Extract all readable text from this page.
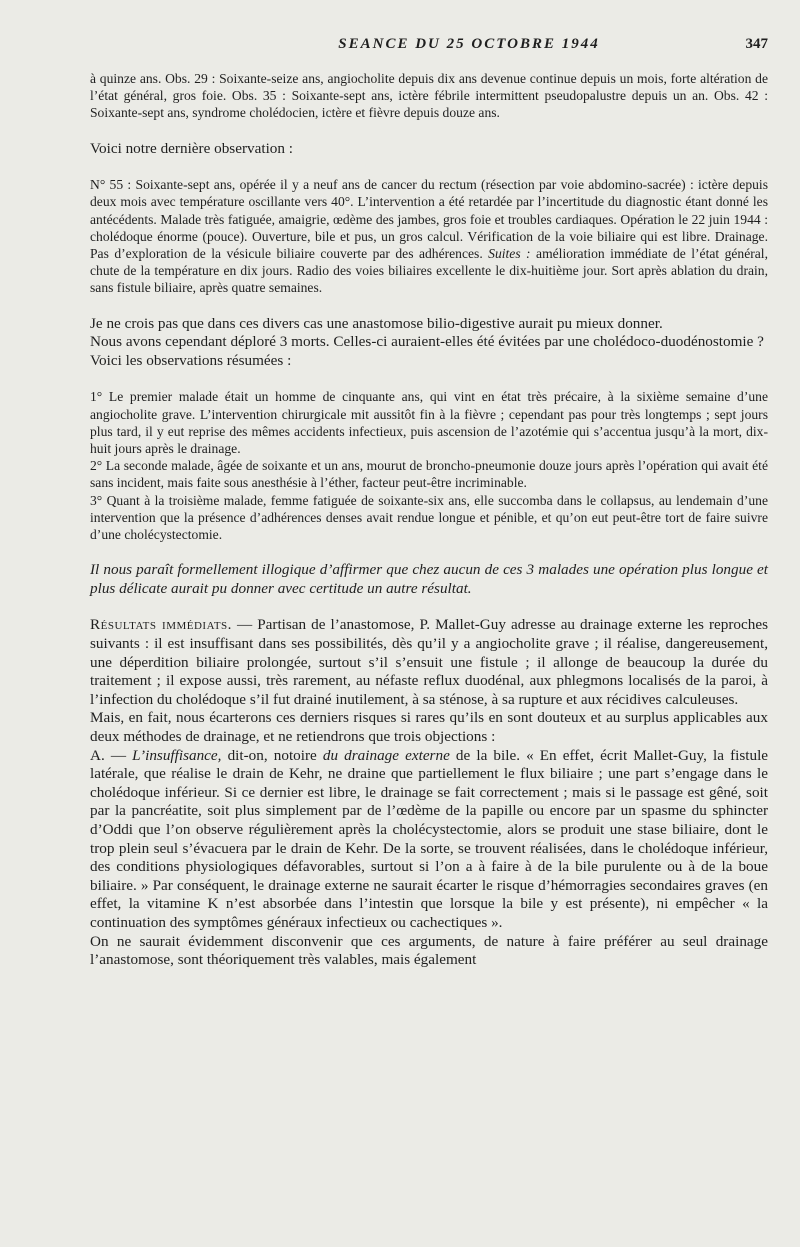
SEANCE DU 25 OCTOBRE 1944	347

à quinze ans. Obs. 29 : Soixante-seize ans, angiocholite depuis dix ans devenue continue depuis un mois, forte altération de l’état général, gros foie. Obs. 35 : Soixante-sept ans, ictère fébrile intermittent pseudopalustre depuis un an. Obs. 42 : Soixante-sept ans, syndrome cholédocien, ictère et fièvre depuis douze ans.

Voici notre dernière observation :

N° 55 : Soixante-sept ans, opérée il y a neuf ans de cancer du rectum (résection par voie abdomino-sacrée) : ictère depuis deux mois avec température oscillante vers 40°. L’intervention a été retardée par l’incertitude du diagnostic étant donné les antécédents. Malade très fatiguée, amaigrie, œdème des jambes, gros foie et troubles cardiaques. Opération le 22 juin 1944 : cholédoque énorme (pouce). Ouverture, bile et pus, un gros calcul. Vérification de la voie biliaire qui est libre. Drainage. Pas d’exploration de la vésicule biliaire couverte par des adhérences. Suites : amélioration immédiate de l’état général, chute de la température en dix jours. Radio des voies biliaires excellente le dix-huitième jour. Sort après ablation du drain, sans fistule biliaire, après quatre semaines.

Je ne crois pas que dans ces divers cas une anastomose bilio-digestive aurait pu mieux donner.

Nous avons cependant déploré 3 morts. Celles-ci auraient-elles été évitées par une cholédoco-duodénostomie ?

Voici les observations résumées :

1° Le premier malade était un homme de cinquante ans, qui vint en état très précaire, à la sixième semaine d’une angiocholite grave. L’intervention chirurgicale mit aussitôt fin à la fièvre ; cependant pas pour très longtemps ; sept jours plus tard, il y eut reprise des mêmes accidents infectieux, puis ascension de l’azotémie qui s’accentua jusqu’à la mort, dix-huit jours après le drainage.

2° La seconde malade, âgée de soixante et un ans, mourut de broncho-pneumonie douze jours après l’opération qui avait été sans incident, mais faite sous anesthésie à l’éther, facteur peut-être incriminable.

3° Quant à la troisième malade, femme fatiguée de soixante-six ans, elle succomba dans le collapsus, au lendemain d’une intervention que la présence d’adhérences denses avait rendue longue et pénible, et qu’on eut peut-être tort de faire suivre d’une cholécystectomie.

Il nous paraît formellement illogique d’affirmer que chez aucun de ces 3 malades une opération plus longue et plus délicate aurait pu donner avec certitude un autre résultat.

Résultats immédiats. — Partisan de l’anastomose, P. Mallet-Guy adresse au drainage externe les reproches suivants : il est insuffisant dans ses possibilités, dès qu’il y a angiocholite grave ; il réalise, dangereusement, une déperdition biliaire prolongée, surtout s’il s’ensuit une fistule ; il allonge de beaucoup la durée du traitement ; il expose aussi, très rarement, au néfaste reflux duodénal, aux phlegmons localisés de la paroi, à l’infection du cholédoque s’il fut drainé inutilement, à sa sténose, à sa rupture et aux récidives calculeuses.

Mais, en fait, nous écarterons ces derniers risques si rares qu’ils en sont douteux et au surplus applicables aux deux méthodes de drainage, et ne retiendrons que trois objections :

A. — L’insuffisance, dit-on, notoire du drainage externe de la bile. « En effet, écrit Mallet-Guy, la fistule latérale, que réalise le drain de Kehr, ne draine que partiellement le flux biliaire ; une part s’engage dans le cholédoque inférieur. Si ce dernier est libre, le drainage se fait correctement ; mais si le passage est gêné, soit par la pancréatite, soit plus simplement par de l’œdème de la papille ou encore par un spasme du sphincter d’Oddi que l’on observe régulièrement après la cholécystectomie, alors se produit une stase biliaire, dont le trop plein seul s’évacuera par le drain de Kehr. De la sorte, se trouvent réalisées, dans le cholédoque inférieur, des conditions physiologiques défavorables, surtout si l’on a à faire à de la bile purulente ou à de la boue biliaire. » Par conséquent, le drainage externe ne saurait écarter le risque d’hémorragies secondaires graves (en effet, la vitamine K n’est absorbée dans l’intestin que lorsque la bile y est présente), ni empêcher « la continuation des symptômes généraux infectieux ou cachectiques ».

On ne saurait évidemment disconvenir que ces arguments, de nature à faire préférer au seul drainage l’anastomose, sont théoriquement très valables, mais également
